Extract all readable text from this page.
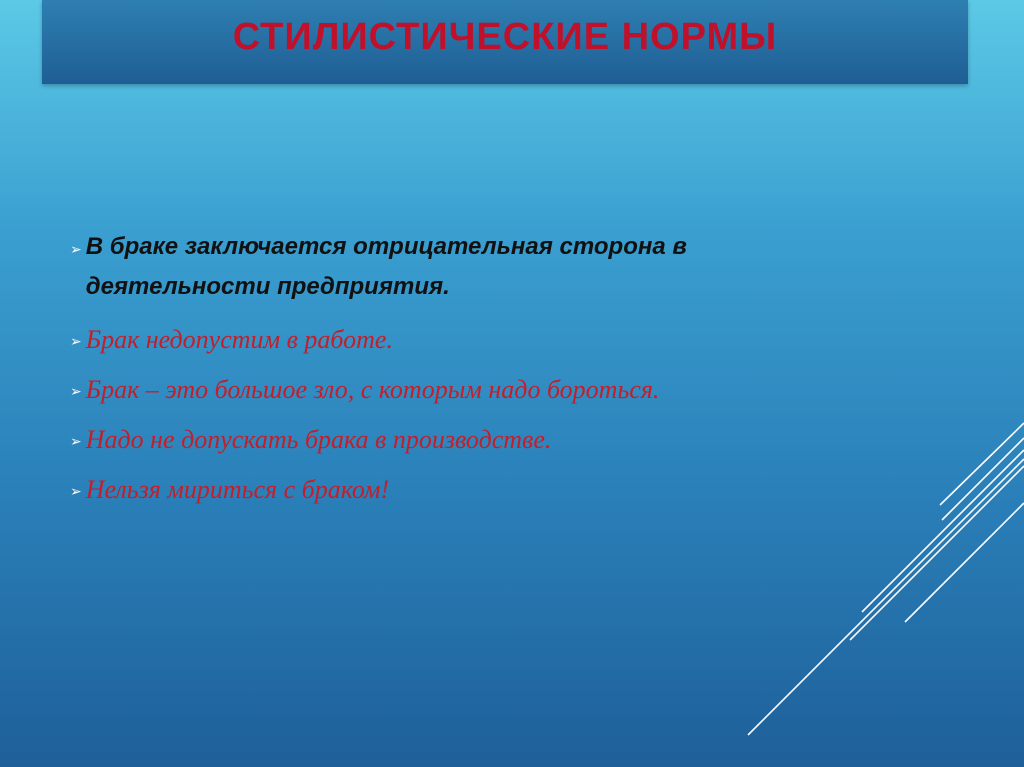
СТИЛИСТИЧЕСКИЕ НОРМЫ
➢ В браке заключается отрицательная сторона в деятельности предприятия.
➢ Брак недопустим в работе.
➢ Брак – это большое зло, с которым надо бороться.
➢ Надо не допускать брака в производстве.
➢ Нельзя мириться с браком!
